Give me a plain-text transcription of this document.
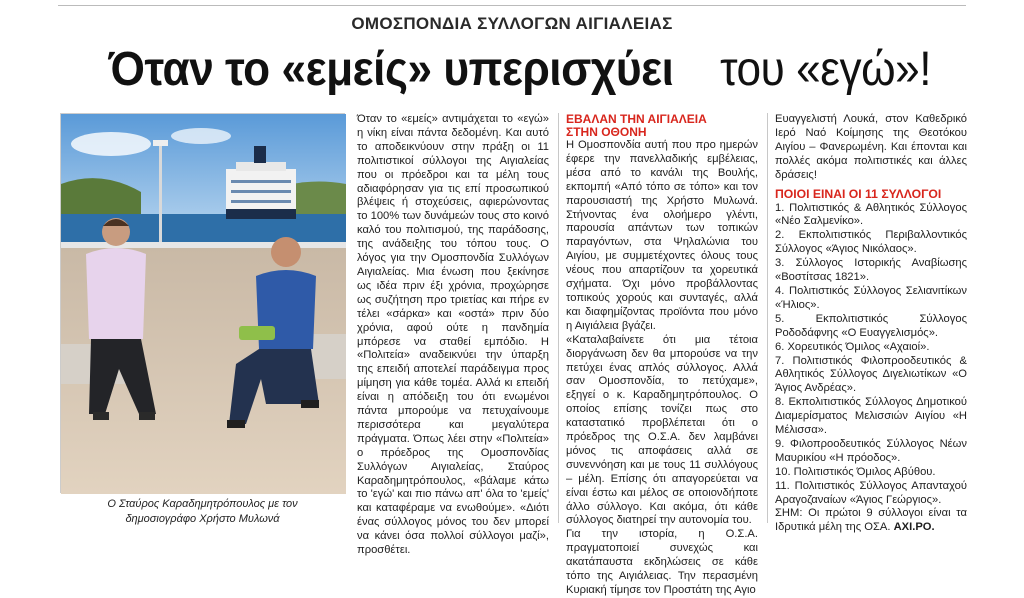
ΟΜΟΣΠΟΝΔΙΑ ΣΥΛΛΟΓΩΝ ΑΙΓΙΑΛΕΙΑΣ
Όταν το «εμείς» υπερισχύει του «εγώ»!
Ο Σταύρος Καραδημητρόπουλος με τον
δημοσιογράφο Χρήστο Μυλωνά

Όταν το «εμείς» αντιμάχεται το «εγώ» η νίκη είναι πάντα δεδομένη. Και αυτό το αποδεικνύουν στην πράξη οι 11 πολιτιστικοί σύλλογοι της Αιγιαλείας που οι πρόεδροι και τα μέλη τους αδιαφόρησαν για τις επί προσωπικού βλέψεις ή στοχεύσεις, αφιερώνοντας το 100% των δυνάμεών τους στο κοινό καλό του πολιτισμού, της παράδοσης, της ανάδειξης του τόπου τους. Ο λόγος για την Ομοσπονδία Συλλόγων Αιγιαλείας. Μια ένωση που ξεκίνησε ως ιδέα πριν έξι χρόνια, προχώρησε ως συζήτηση προ τριετίας και πήρε εν τέλει «σάρκα» και «οστά» πριν δύο χρόνια, αφού ούτε η πανδημία μπόρεσε να σταθεί εμπόδιο. Η «Πολιτεία» αναδεικνύει την ύπαρξη της επειδή αποτελεί παράδειγμα προς μίμηση για κάθε τομέα. Αλλά κι επειδή είναι η απόδειξη του ότι ενωμένοι πάντα μπορούμε να πετυχαίνουμε περισσότερα και μεγαλύτερα πράγματα. Όπως λέει στην «Πολιτεία» ο πρόεδρος της Ομοσπονδίας Συλλόγων Αιγιαλείας, Σταύρος Καραδημητρόπουλος, «βάλαμε κάτω το 'εγώ' και πιο πάνω απ' όλα το 'εμείς' και καταφέραμε να ενωθούμε». «Διότι ένας σύλλογος μόνος του δεν μπορεί να κάνει όσα πολλοί σύλλογοι μαζί», προσθέτει.

ΕΒΑΛΑΝ ΤΗΝ ΑΙΓΙΑΛΕΙΑ
ΣΤΗΝ ΟΘΟΝΗ

Η Ομοσπονδία αυτή που προ ημερών έφερε την πανελλαδικής εμβέλειας, μέσα από το κανάλι της Βουλής, εκπομπή «Από τόπο σε τόπο» και τον παρουσιαστή της Χρήστο Μυλωνά. Στήνοντας ένα ολοήμερο γλέντι, παρουσία απάντων των τοπικών παραγόντων, στα Ψηλαλώνια του Αιγίου, με συμμετέχοντες όλους τους νέους που απαρτίζουν τα χορευτικά σχήματα. Όχι μόνο προβάλλοντας τοπικούς χορούς και συνταγές, αλλά και διαφημίζοντας προϊόντα που μόνο η Αιγιάλεια βγάζει.

«Καταλαβαίνετε ότι μια τέτοια διοργάνωση δεν θα μπορούσε να την πετύχει ένας απλός σύλλογος. Αλλά σαν Ομοσπονδία, το πετύχαμε», εξηγεί ο κ. Καραδημητρόπουλος. Ο οποίος επίσης τονίζει πως στο καταστατικό προβλέπεται ότι ο πρόεδρος της Ο.Σ.Α. δεν λαμβάνει μόνος τις αποφάσεις αλλά σε συνεννόηση και με τους 11 συλλόγους – μέλη. Επίσης ότι απαγορεύεται να είναι έστω και μέλος σε οποιονδήποτε άλλο σύλλογο. Και ακόμα, ότι κάθε σύλλογος διατηρεί την αυτονομία του.

Για την ιστορία, η Ο.Σ.Α. πραγματοποιεί συνεχώς και ακατάπαυστα εκδηλώσεις σε κάθε τόπο της Αιγιάλειας. Την περασμένη Κυριακή τίμησε τον Προστάτη της Αγιο

Ευαγγελιστή Λουκά, στον Καθεδρικό Ιερό Ναό Κοίμησης της Θεοτόκου Αιγίου – Φανερωμένη. Και έπονται και πολλές ακόμα πολιτιστικές και άλλες δράσεις!

ΠΟΙΟΙ ΕΙΝΑΙ ΟΙ 11 ΣΥΛΛΟΓΟΙ

1. Πολιτιστικός & Αθλητικός Σύλλογος «Νέο Σαλμενίκο».

2. Εκπολιτιστικός Περιβαλλοντικός Σύλλογος «Άγιος Νικόλαος».

3. Σύλλογος Ιστορικής Αναβίωσης «Βοστίτσας 1821».

4. Πολιτιστικός Σύλλογος Σελιανιτίκων «Ήλιος».

5. Εκπολιτιστικός Σύλλογος Ροδοδάφνης «Ο Ευαγγελισμός».

6. Χορευτικός Όμιλος «Αχαιοί».

7. Πολιτιστικός Φιλοπροοδευτικός & Αθλητικός Σύλλογος Διγελιωτίκων «Ο Άγιος Ανδρέας».

8. Εκπολιτιστικός Σύλλογος Δημοτικού Διαμερίσματος Μελισσιών Αιγίου «Η Μέλισσα».

9. Φιλοπροοδευτικός Σύλλογος Νέων Μαυρικίου «Η πρόοδος».

10. Πολιτιστικός Όμιλος Αβύθου.

11. Πολιτιστικός Σύλλογος Απανταχού Αραγοζαναίων «Άγιος Γεώργιος».

ΣΗΜ: Οι πρώτοι 9 σύλλογοι είναι τα Ιδρυτικά μέλη της ΟΣΑ. ΑΧΙ.ΡΟ.
